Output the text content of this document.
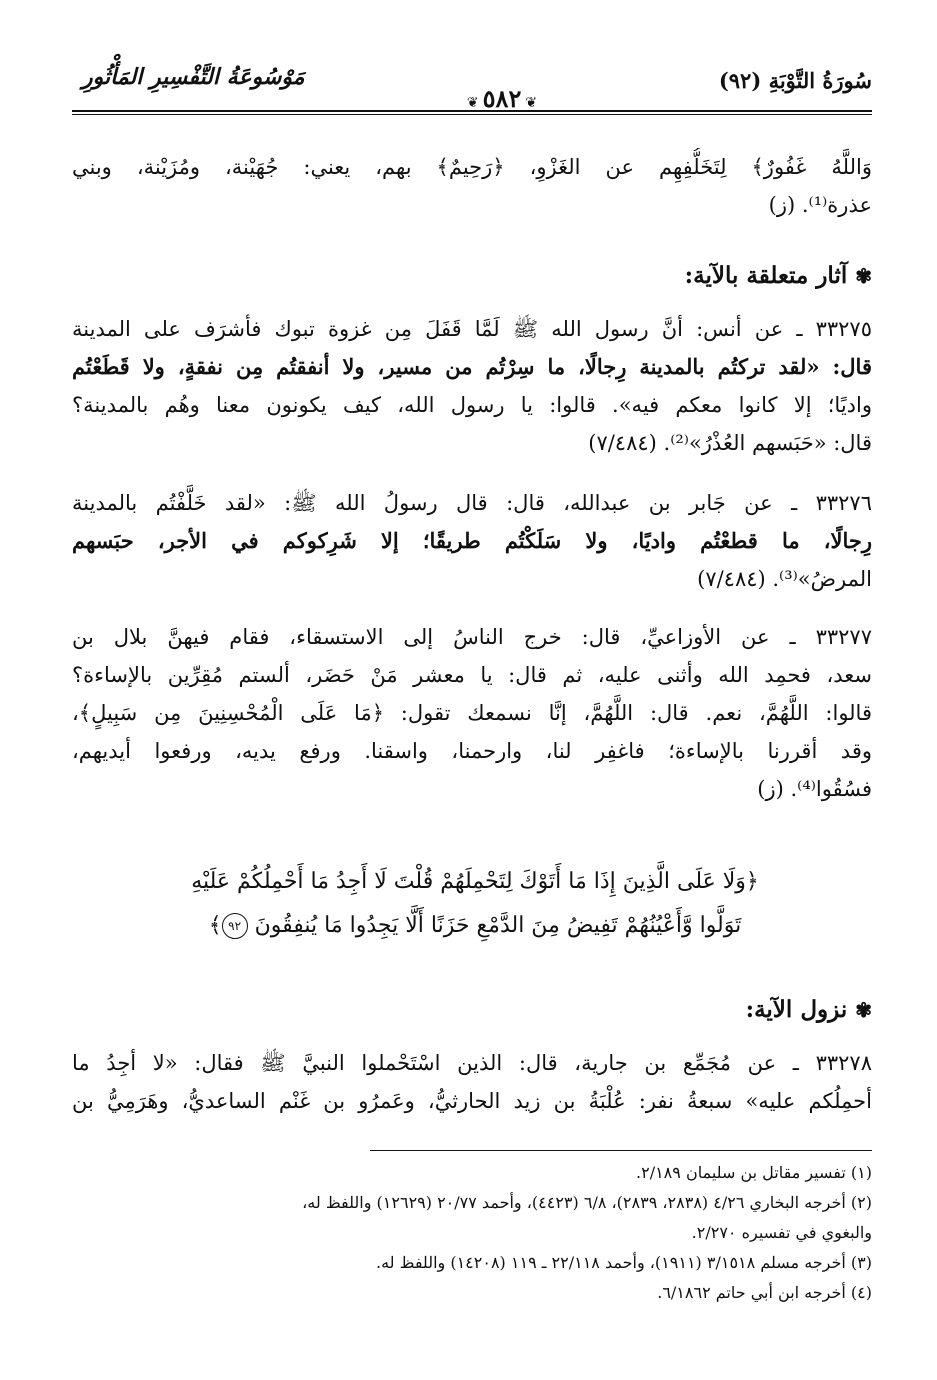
مَوْسُوعَةُ التَّفْسِيرِ المَأْثُورِ	سُورَةُ التَّوْبَةِ (٩٢)
❦٥٨٢❦
وَاللَّهُ غَفُورٌ﴾ لِتَخَلُّفِهِم عن الغَزْوِ، ﴿رَحِيمٌ﴾ بهم، يعني: جُهَيْنة، ومُزَيْنة، وبني
عذرة⁽¹⁾. (ز)
✾آثار متعلقة بالآية:
٣٣٢٧٥ ـ عن أنس: أنَّ رسول الله ﷺ لَمَّا قَفَلَ مِن غزوة تبوك فأشرَف على المدينة
قال: «لقد تركتُم بالمدينة رِجالًا، ما سِرْتُم من مسير، ولا أنفقتُم مِن نفقةٍ، ولا قَطَعْتُم
واديًا؛ إلا كانوا معكم فيه». قالوا: يا رسول الله، كيف يكونون معنا وهُم بالمدينة؟
قال: «حَبَسهم العُذْرُ»⁽²⁾. (٧/٤٨٤)
٣٣٢٧٦ ـ عن جَابر بن عبدالله، قال: قال رسولُ الله ﷺ: «لقد خَلَّفْتُم بالمدينة
رِجالًا، ما قطعْتُم واديًا، ولا سَلَكْتُم طريقًا؛ إلا شَرِكوكم في الأجر، حبَسهم
المرضُ»⁽³⁾. (٧/٤٨٤)
٣٣٢٧٧ ـ عن الأوزاعيِّ، قال: خرج الناسُ إلى الاستسقاء، فقام فيهنَّ بلال بن
سعد، فحمِد الله وأثنى عليه، ثم قال: يا معشر مَنْ حَضَر، ألستم مُقِرِّين بالإساءة؟
قالوا: اللَّهُمَّ، نعم. قال: اللَّهُمَّ، إنَّا نسمعك تقول: ﴿مَا عَلَى الْمُحْسِنِينَ مِن سَبِيلٍ﴾،
وقد أقررنا بالإساءة؛ فاغفِر لنا، وارحمنا، واسقنا. ورفع يديه، ورفعوا أيديهم،
فسُقُوا⁽⁴⁾. (ز)
﴿وَلَا عَلَى الَّذِينَ إِذَا مَا أَتَوْكَ لِتَحْمِلَهُمْ قُلْتَ لَا أَجِدُ مَا أَحْمِلُكُمْ عَلَيْهِ
تَوَلَّوا وَّأَعْيُنُهُمْ تَفِيضُ مِنَ الدَّمْعِ حَزَنًا أَلَّا يَجِدُوا مَا يُنفِقُونَ ٩٢﴾
✾نزول الآية:
٣٣٢٧٨ ـ عن مُجَمِّع بن جارية، قال: الذين اسْتَحْملوا النبيَّ ﷺ فقال: «لا أجِدُ ما
أحمِلُكم عليه» سبعةُ نفر: عُلْبَةُ بن زيد الحارثيُّ، وعَمرُو بن غَنْم الساعديُّ، وهَرَمِيُّ بن
(١) تفسير مقاتل بن سليمان ٢/١٨٩.
(٢) أخرجه البخاري ٤/٢٦ (٢٨٣٨، ٢٨٣٩)، ٦/٨ (٤٤٢٣)، وأحمد ٢٠/٧٧ (١٢٦٢٩) واللفظ له،
والبغوي في تفسيره ٢/٢٧٠.
(٣) أخرجه مسلم ٣/١٥١٨ (١٩١١)، وأحمد ٢٢/١١٨ ـ ١١٩ (١٤٢٠٨) واللفظ له.
(٤) أخرجه ابن أبي حاتم ٦/١٨٦٢.
